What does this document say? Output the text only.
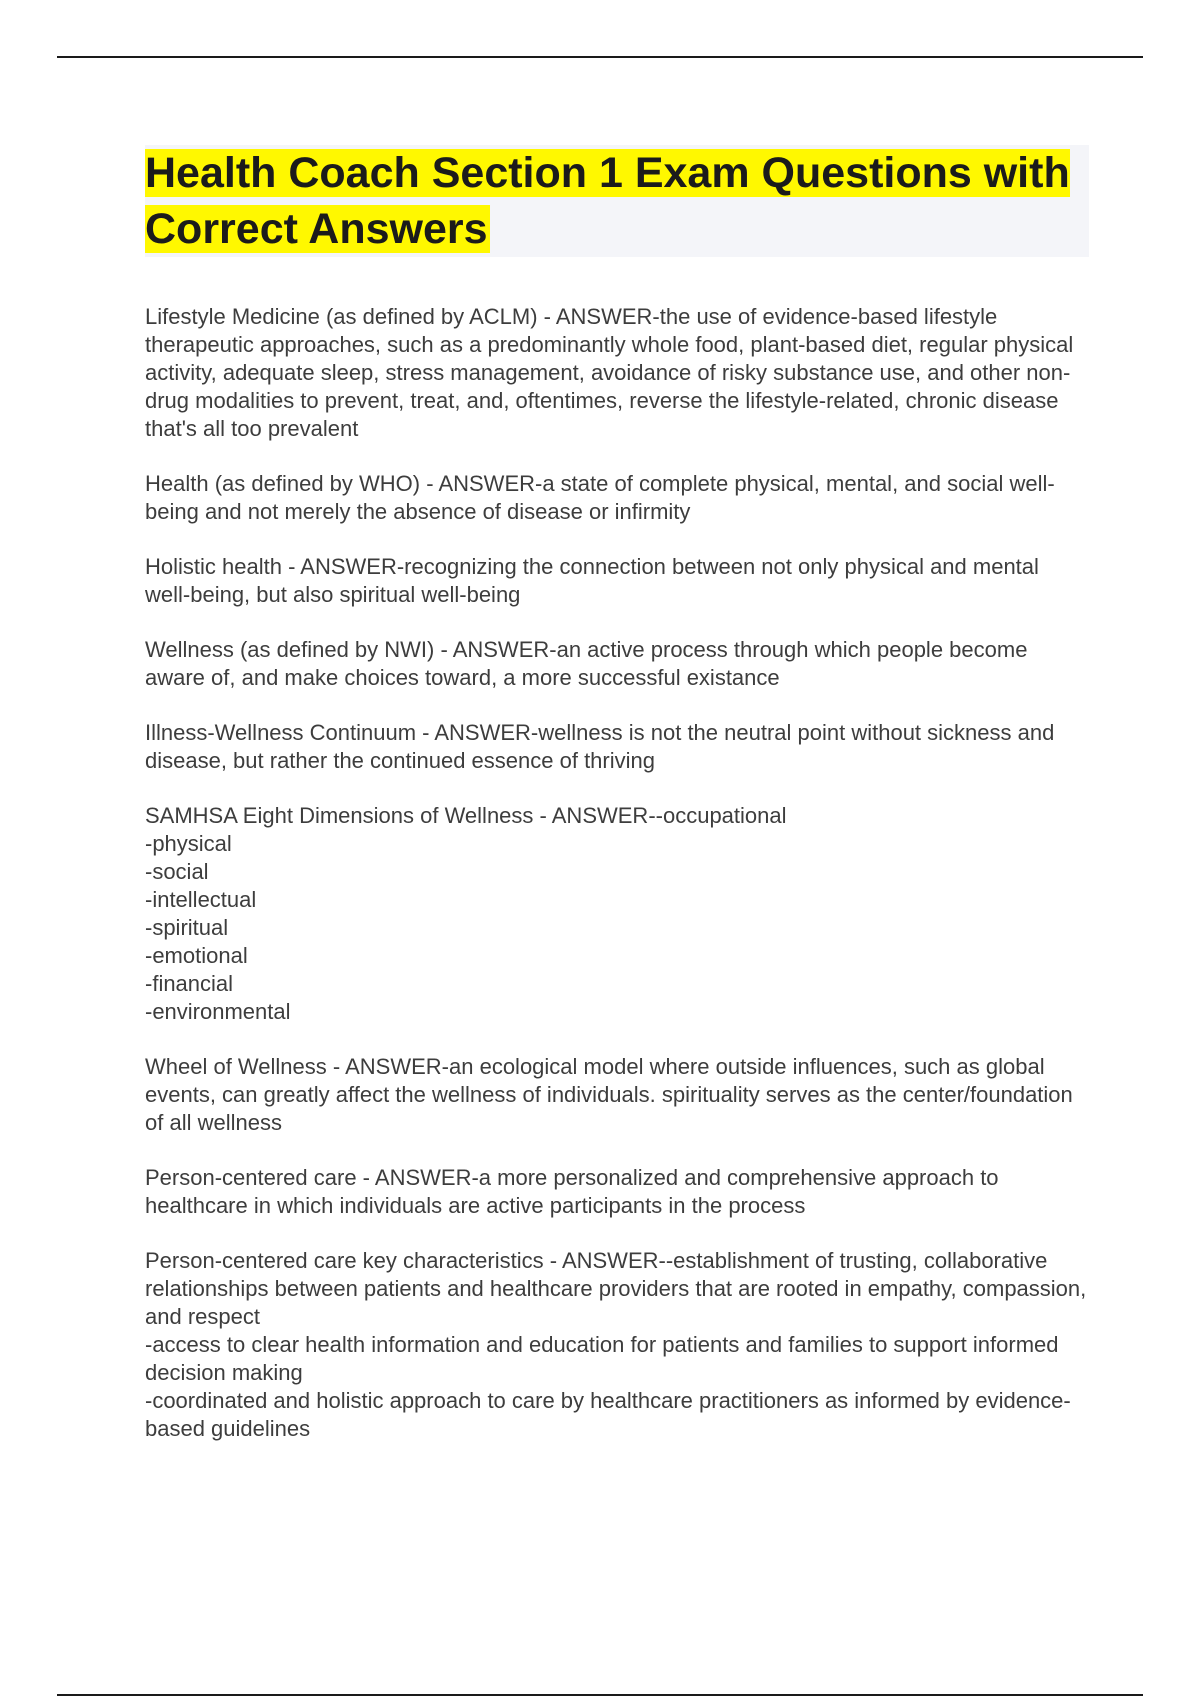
Health Coach Section 1 Exam Questions with Correct Answers

Lifestyle Medicine (as defined by ACLM) - ANSWER-the use of evidence-based lifestyle therapeutic approaches, such as a predominantly whole food, plant-based diet, regular physical activity, adequate sleep, stress management, avoidance of risky substance use, and other non-drug modalities to prevent, treat, and, oftentimes, reverse the lifestyle-related, chronic disease that's all too prevalent

Health (as defined by WHO) - ANSWER-a state of complete physical, mental, and social well-being and not merely the absence of disease or infirmity

Holistic health - ANSWER-recognizing the connection between not only physical and mental well-being, but also spiritual well-being

Wellness (as defined by NWI) - ANSWER-an active process through which people become aware of, and make choices toward, a more successful existance

Illness-Wellness Continuum - ANSWER-wellness is not the neutral point without sickness and disease, but rather the continued essence of thriving

SAMHSA Eight Dimensions of Wellness - ANSWER--occupational
-physical
-social
-intellectual
-spiritual
-emotional
-financial
-environmental

Wheel of Wellness - ANSWER-an ecological model where outside influences, such as global events, can greatly affect the wellness of individuals. spirituality serves as the center/foundation of all wellness

Person-centered care - ANSWER-a more personalized and comprehensive approach to healthcare in which individuals are active participants in the process

Person-centered care key characteristics - ANSWER--establishment of trusting, collaborative relationships between patients and healthcare providers that are rooted in empathy, compassion, and respect
-access to clear health information and education for patients and families to support informed decision making
-coordinated and holistic approach to care by healthcare practitioners as informed by evidence-based guidelines
